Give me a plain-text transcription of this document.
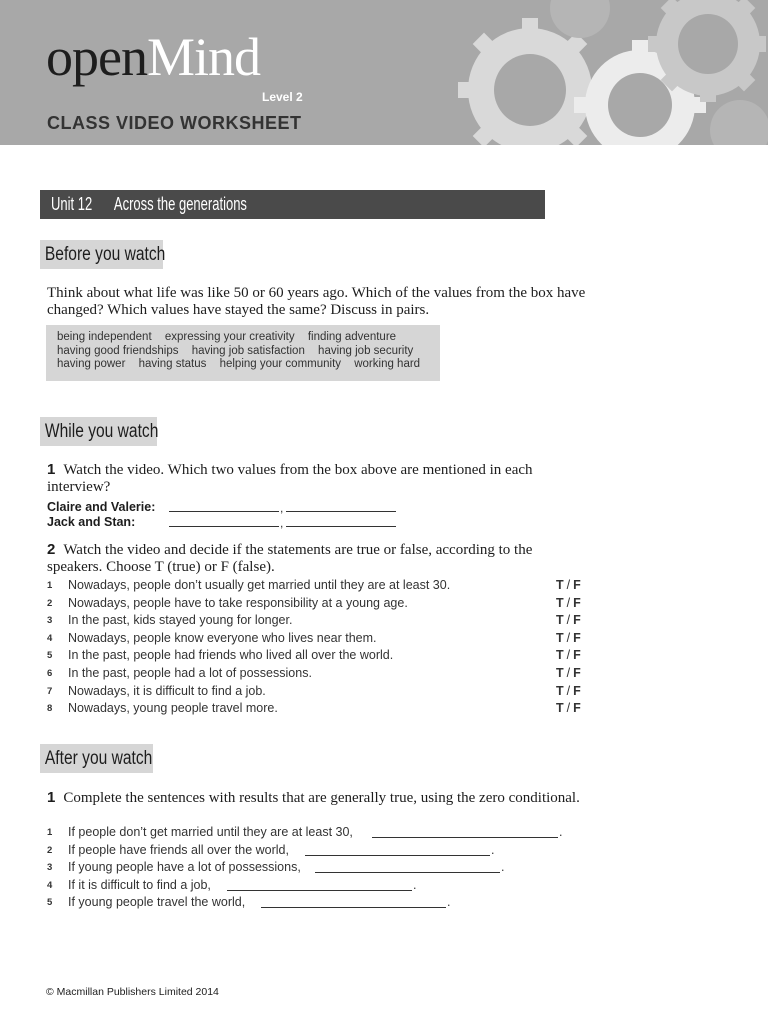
openMind
Level 2
CLASS VIDEO WORKSHEET
Unit 12 Across the generations
Before you watch
Think about what life was like 50 or 60 years ago. Which of the values from the box have changed? Which values have stayed the same? Discuss in pairs.
being independent expressing your creativity finding adventure
having good friendships having job satisfaction having job security
having power having status helping your community working hard
While you watch
1 Watch the video. Which two values from the box above are mentioned in each interview?
Claire and Valerie:	,
Jack and Stan:	,
2 Watch the video and decide if the statements are true or false, according to the speakers. Choose T (true) or F (false).
1 Nowadays, people don’t usually get married until they are at least 30.	T / F
2 Nowadays, people have to take responsibility at a young age.	T / F
3 In the past, kids stayed young for longer.	T / F
4 Nowadays, people know everyone who lives near them.	T / F
5 In the past, people had friends who lived all over the world.	T / F
6 In the past, people had a lot of possessions.	T / F
7 Nowadays, it is difficult to find a job.	T / F
8 Nowadays, young people travel more.	T / F
After you watch
1 Complete the sentences with results that are generally true, using the zero conditional.
1 If people don’t get married until they are at least 30,	.
2 If people have friends all over the world,	.
3 If young people have a lot of possessions,	.
4 If it is difficult to find a job,	.
5 If young people travel the world,	.
© Macmillan Publishers Limited 2014
